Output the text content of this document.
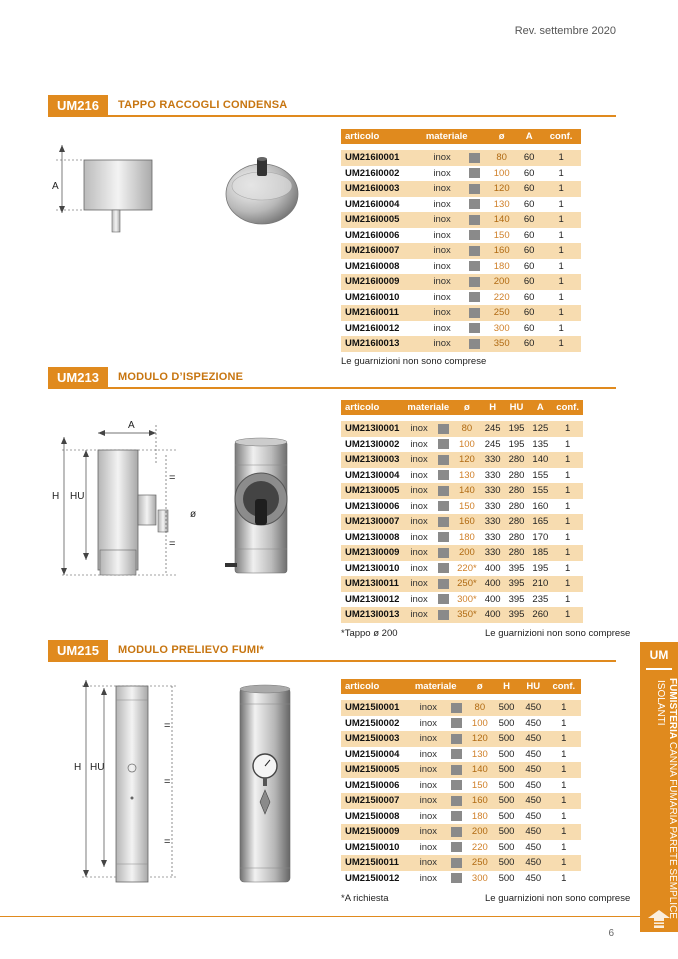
Rev. settembre 2020
UM216	TAPPO RACCOGLI CONDENSA
A
articolo	materiale		ø	A	conf.

UM216I0001	inox		80	60	1
UM216I0002	inox		100	60	1
UM216I0003	inox		120	60	1
UM216I0004	inox		130	60	1
UM216I0005	inox		140	60	1
UM216I0006	inox		150	60	1
UM216I0007	inox		160	60	1
UM216I0008	inox		180	60	1
UM216I0009	inox		200	60	1
UM216I0010	inox		220	60	1
UM216I0011	inox		250	60	1
UM216I0012	inox		300	60	1
UM216I0013	inox		350	60	1
Le guarnizioni non sono comprese
UM213	MODULO D’ISPEZIONE
A
H HU
=
=
ø
articolo	materiale		ø	H	HU	A	conf.

UM213I0001	inox		80	245	195	125	1
UM213I0002	inox		100	245	195	135	1
UM213I0003	inox		120	330	280	140	1
UM213I0004	inox		130	330	280	155	1
UM213I0005	inox		140	330	280	155	1
UM213I0006	inox		150	330	280	160	1
UM213I0007	inox		160	330	280	165	1
UM213I0008	inox		180	330	280	170	1
UM213I0009	inox		200	330	280	185	1
UM213I0010	inox		220*	400	395	195	1
UM213I0011	inox		250*	400	395	210	1
UM213I0012	inox		300*	400	395	235	1
UM213I0013	inox		350*	400	395	260	1
*Tappo ø 200	Le guarnizioni non sono comprese
UM215	MODULO PRELIEVO FUMI*
H HU
=
=
=
articolo	materiale		ø	H	HU	conf.

UM215I0001	inox		80	500	450	1
UM215I0002	inox		100	500	450	1
UM215I0003	inox		120	500	450	1
UM215I0004	inox		130	500	450	1
UM215I0005	inox		140	500	450	1
UM215I0006	inox		150	500	450	1
UM215I0007	inox		160	500	450	1
UM215I0008	inox		180	500	450	1
UM215I0009	inox		200	500	450	1
UM215I0010	inox		220	500	450	1
UM215I0011	inox		250	500	450	1
UM215I0012	inox		300	500	450	1
*A richiesta	Le guarnizioni non sono comprese
UM
FUMISTERIA CANNA FUMARIA PARETE SEMPLICE
ISOLANTI
6
